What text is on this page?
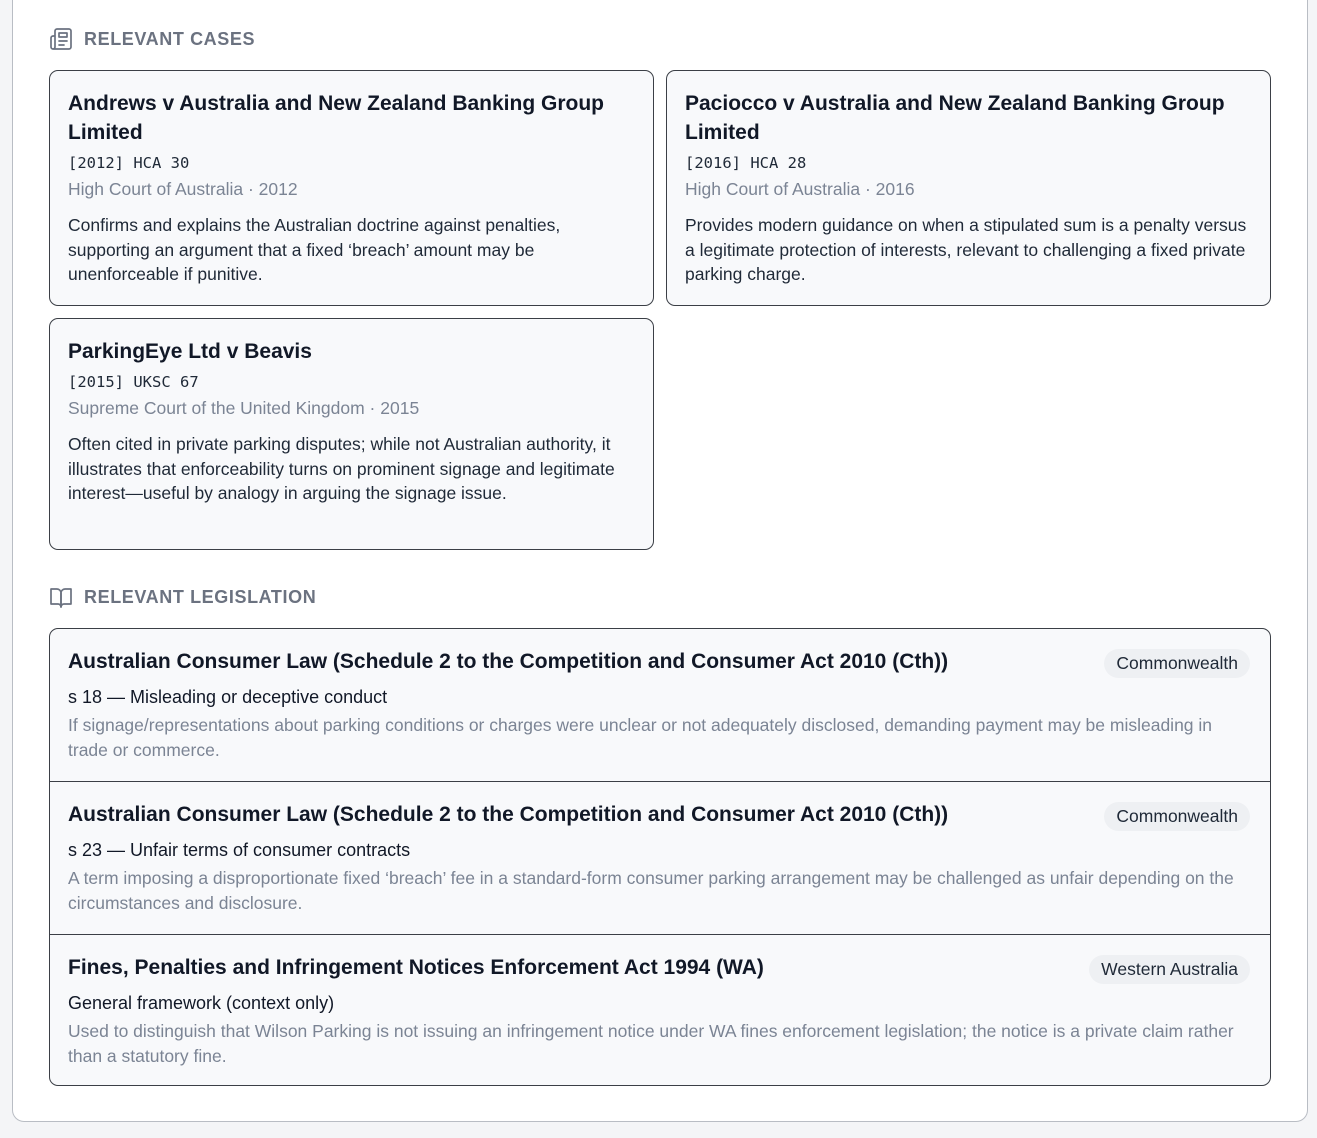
RELEVANT CASES
Andrews v Australia and New Zealand Banking Group Limited
[2012] HCA 30
High Court of Australia · 2012
Confirms and explains the Australian doctrine against penalties, supporting an argument that a fixed ‘breach’ amount may be unenforceable if punitive.
Paciocco v Australia and New Zealand Banking Group Limited
[2016] HCA 28
High Court of Australia · 2016
Provides modern guidance on when a stipulated sum is a penalty versus a legitimate protection of interests, relevant to challenging a fixed private parking charge.
ParkingEye Ltd v Beavis
[2015] UKSC 67
Supreme Court of the United Kingdom · 2015
Often cited in private parking disputes; while not Australian authority, it illustrates that enforceability turns on prominent signage and legitimate interest—useful by analogy in arguing the signage issue.
RELEVANT LEGISLATION
Australian Consumer Law (Schedule 2 to the Competition and Consumer Act 2010 (Cth))	Commonwealth
s 18 — Misleading or deceptive conduct
If signage/representations about parking conditions or charges were unclear or not adequately disclosed, demanding payment may be misleading in trade or commerce.
Australian Consumer Law (Schedule 2 to the Competition and Consumer Act 2010 (Cth))	Commonwealth
s 23 — Unfair terms of consumer contracts
A term imposing a disproportionate fixed ‘breach’ fee in a standard-form consumer parking arrangement may be challenged as unfair depending on the circumstances and disclosure.
Fines, Penalties and Infringement Notices Enforcement Act 1994 (WA)	Western Australia
General framework (context only)
Used to distinguish that Wilson Parking is not issuing an infringement notice under WA fines enforcement legislation; the notice is a private claim rather than a statutory fine.
